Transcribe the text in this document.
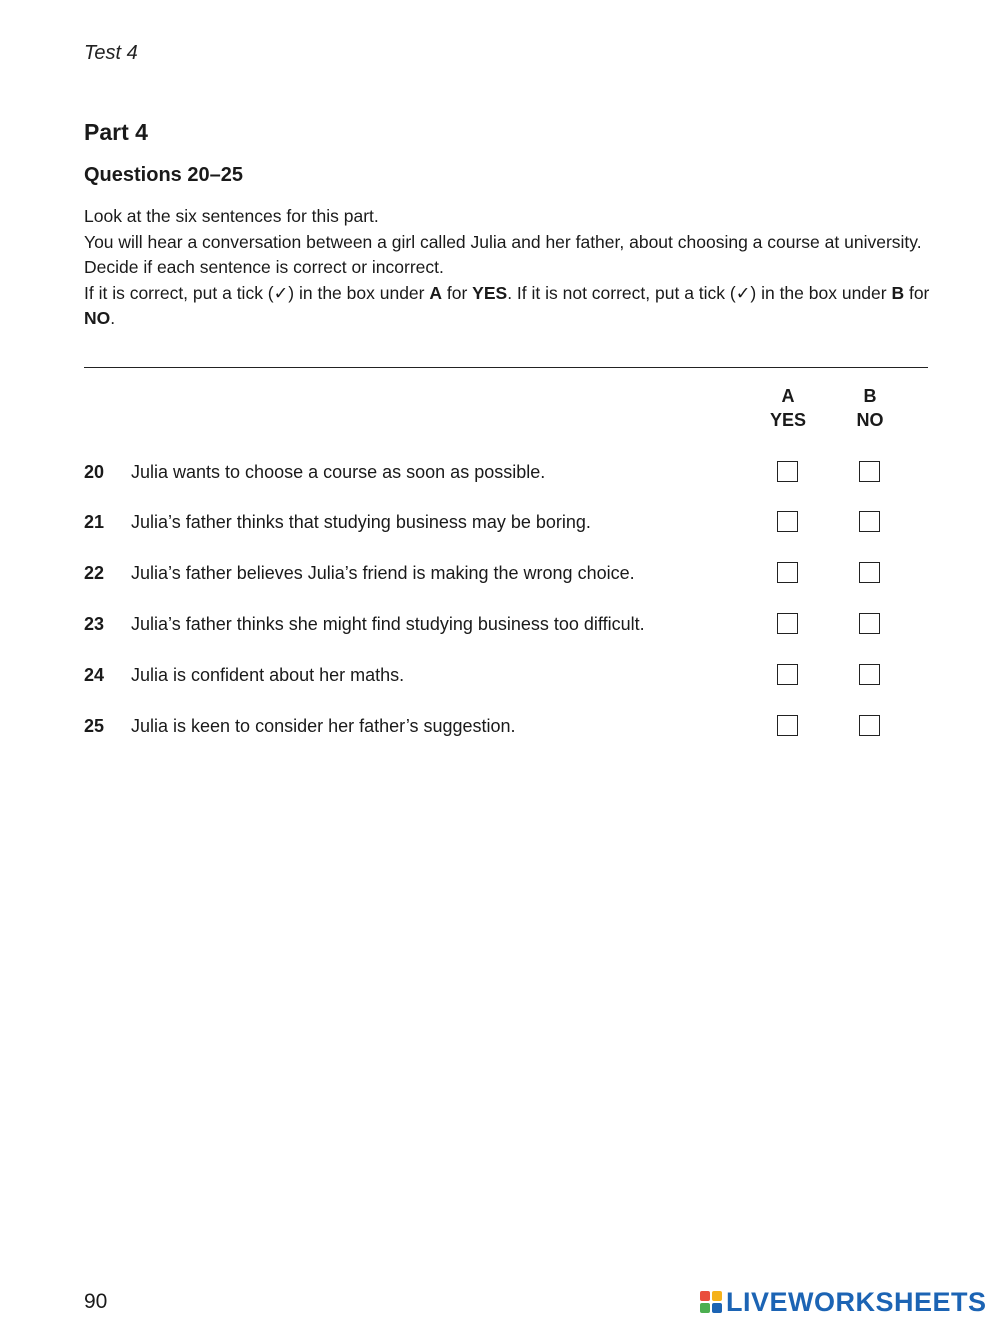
Test 4
Part 4
Questions 20–25

Look at the six sentences for this part.

You will hear a conversation between a girl called Julia and her father, about choosing a course at university.

Decide if each sentence is correct or incorrect.

If it is correct, put a tick (✓) in the box under A for YES. If it is not correct, put a tick (✓) in the box under B for NO.

A
YES
B
NO
20 Julia wants to choose a course as soon as possible.
21 Julia’s father thinks that studying business may be boring.
22 Julia’s father believes Julia’s friend is making the wrong choice.
23 Julia’s father thinks she might find studying business too difficult.
24 Julia is confident about her maths.
25 Julia is keen to consider her father’s suggestion.
90	LIVEWORKSHEETS
